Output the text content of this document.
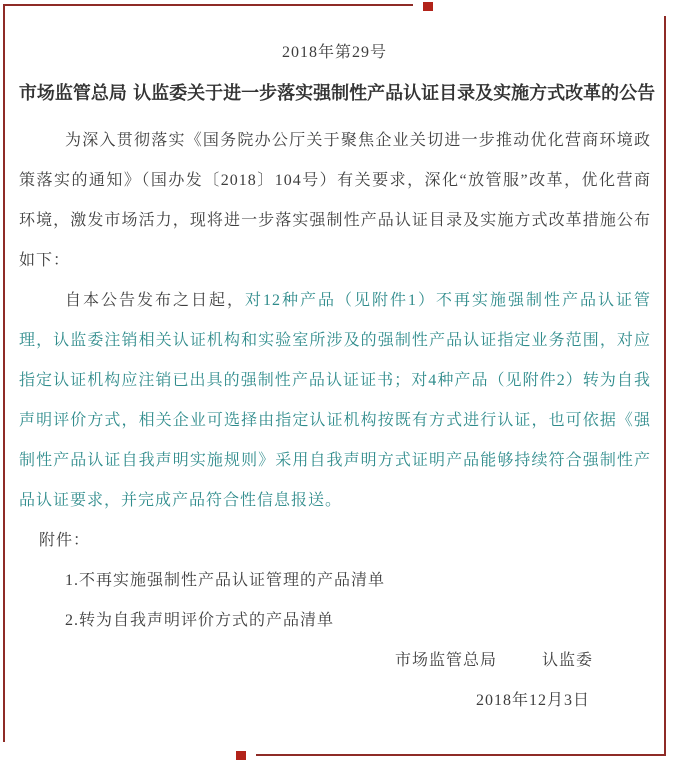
2018年第29号
市场监管总局 认监委关于进一步落实强制性产品认证目录及实施方式改革的公告

为深入贯彻落实《国务院办公厅关于聚焦企业关切进一步推动优化营商环境政策落实的通知》（国办发〔2018〕104号）有关要求，深化“放管服”改革，优化营商环境，激发市场活力，现将进一步落实强制性产品认证目录及实施方式改革措施公布如下：

自本公告发布之日起，对12种产品（见附件1）不再实施强制性产品认证管理，认监委注销相关认证机构和实验室所涉及的强制性产品认证指定业务范围，对应指定认证机构应注销已出具的强制性产品认证证书；对4种产品（见附件2）转为自我声明评价方式，相关企业可选择由指定认证机构按既有方式进行认证，也可依据《强制性产品认证自我声明实施规则》采用自我声明方式证明产品能够持续符合强制性产品认证要求，并完成产品符合性信息报送。

附件：

1.不再实施强制性产品认证管理的产品清单

2.转为自我声明评价方式的产品清单

市场监管总局	认监委

2018年12月3日
